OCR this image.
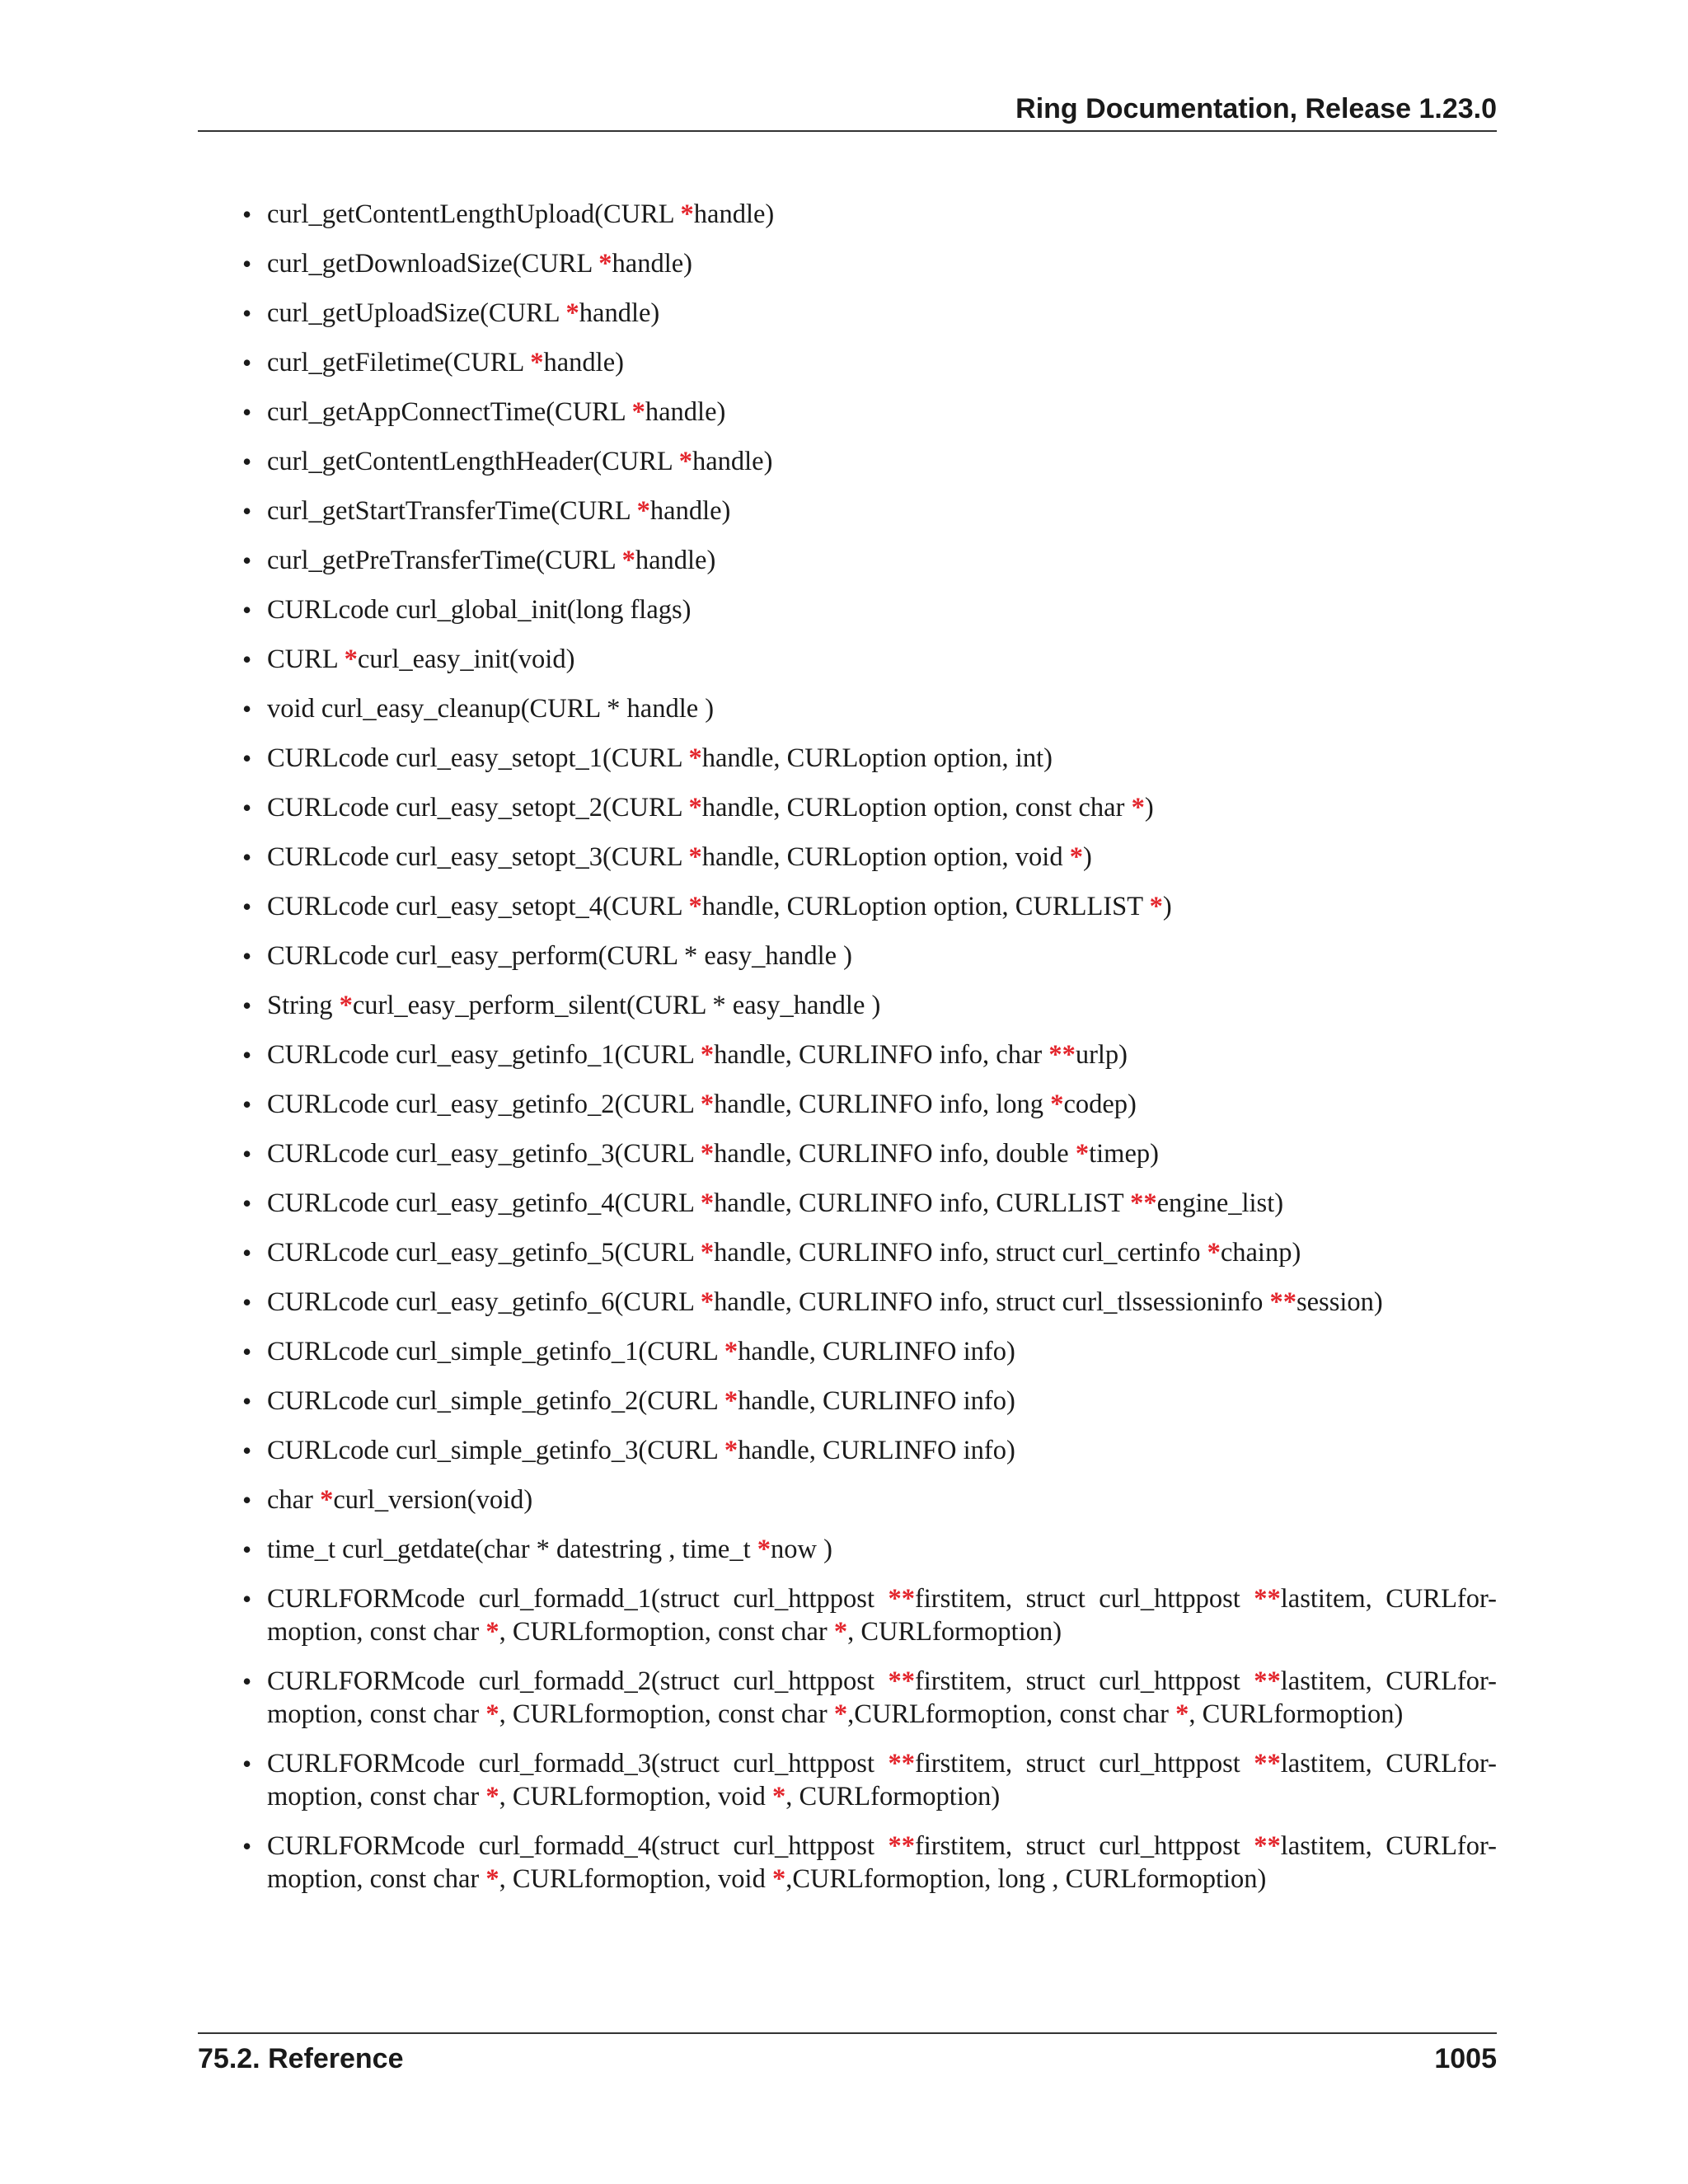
Ring Documentation, Release 1.23.0
• curl_getContentLengthUpload(CURL *handle)
• curl_getDownloadSize(CURL *handle)
• curl_getUploadSize(CURL *handle)
• curl_getFiletime(CURL *handle)
• curl_getAppConnectTime(CURL *handle)
• curl_getContentLengthHeader(CURL *handle)
• curl_getStartTransferTime(CURL *handle)
• curl_getPreTransferTime(CURL *handle)
• CURLcode curl_global_init(long flags)
• CURL *curl_easy_init(void)
• void curl_easy_cleanup(CURL * handle )
• CURLcode curl_easy_setopt_1(CURL *handle, CURLoption option, int)
• CURLcode curl_easy_setopt_2(CURL *handle, CURLoption option, const char *)
• CURLcode curl_easy_setopt_3(CURL *handle, CURLoption option, void *)
• CURLcode curl_easy_setopt_4(CURL *handle, CURLoption option, CURLLIST *)
• CURLcode curl_easy_perform(CURL * easy_handle )
• String *curl_easy_perform_silent(CURL * easy_handle )
• CURLcode curl_easy_getinfo_1(CURL *handle, CURLINFO info, char **urlp)
• CURLcode curl_easy_getinfo_2(CURL *handle, CURLINFO info, long *codep)
• CURLcode curl_easy_getinfo_3(CURL *handle, CURLINFO info, double *timep)
• CURLcode curl_easy_getinfo_4(CURL *handle, CURLINFO info, CURLLIST **engine_list)
• CURLcode curl_easy_getinfo_5(CURL *handle, CURLINFO info, struct curl_certinfo *chainp)
• CURLcode curl_easy_getinfo_6(CURL *handle, CURLINFO info, struct curl_tlssessioninfo **session)
• CURLcode curl_simple_getinfo_1(CURL *handle, CURLINFO info)
• CURLcode curl_simple_getinfo_2(CURL *handle, CURLINFO info)
• CURLcode curl_simple_getinfo_3(CURL *handle, CURLINFO info)
• char *curl_version(void)
• time_t curl_getdate(char * datestring , time_t *now )
• CURLFORMcode curl_formadd_1(struct curl_httppost **firstitem, struct curl_httppost **lastitem, CURLfor-moption, const char *, CURLformoption, const char *, CURLformoption)
• CURLFORMcode curl_formadd_2(struct curl_httppost **firstitem, struct curl_httppost **lastitem, CURLfor-moption, const char *, CURLformoption, const char *,CURLformoption, const char *, CURLformoption)
• CURLFORMcode curl_formadd_3(struct curl_httppost **firstitem, struct curl_httppost **lastitem, CURLfor-moption, const char *, CURLformoption, void *, CURLformoption)
• CURLFORMcode curl_formadd_4(struct curl_httppost **firstitem, struct curl_httppost **lastitem, CURLfor-moption, const char *, CURLformoption, void *,CURLformoption, long , CURLformoption)
75.2. Reference	1005
